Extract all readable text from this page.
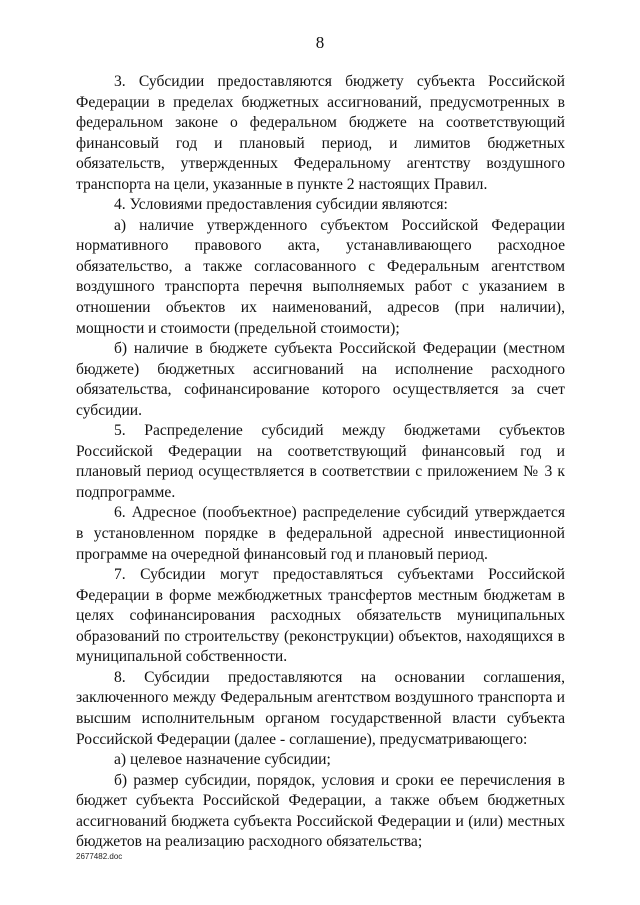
8

3. Субсидии предоставляются бюджету субъекта Российской Федерации в пределах бюджетных ассигнований, предусмотренных в федеральном законе о федеральном бюджете на соответствующий финансовый год и плановый период, и лимитов бюджетных обязательств, утвержденных Федеральному агентству воздушного транспорта на цели, указанные в пункте 2 настоящих Правил.

4. Условиями предоставления субсидии являются:

а) наличие утвержденного субъектом Российской Федерации нормативного правового акта, устанавливающего расходное обязательство, а также согласованного с Федеральным агентством воздушного транспорта перечня выполняемых работ с указанием в отношении объектов их наименований, адресов (при наличии), мощности и стоимости (предельной стоимости);

б) наличие в бюджете субъекта Российской Федерации (местном бюджете) бюджетных ассигнований на исполнение расходного обязательства, софинансирование которого осуществляется за счет субсидии.

5. Распределение субсидий между бюджетами субъектов Российской Федерации на соответствующий финансовый год и плановый период осуществляется в соответствии с приложением № 3 к подпрограмме.

6. Адресное (пообъектное) распределение субсидий утверждается в установленном порядке в федеральной адресной инвестиционной программе на очередной финансовый год и плановый период.

7. Субсидии могут предоставляться субъектами Российской Федерации в форме межбюджетных трансфертов местным бюджетам в целях софинансирования расходных обязательств муниципальных образований по строительству (реконструкции) объектов, находящихся в муниципальной собственности.

8. Субсидии предоставляются на основании соглашения, заключенного между Федеральным агентством воздушного транспорта и высшим исполнительным органом государственной власти субъекта Российской Федерации (далее - соглашение), предусматривающего:

а) целевое назначение субсидии;

б) размер субсидии, порядок, условия и сроки ее перечисления в бюджет субъекта Российской Федерации, а также объем бюджетных ассигнований бюджета субъекта Российской Федерации и (или) местных бюджетов на реализацию расходного обязательства;

2677482.doc
